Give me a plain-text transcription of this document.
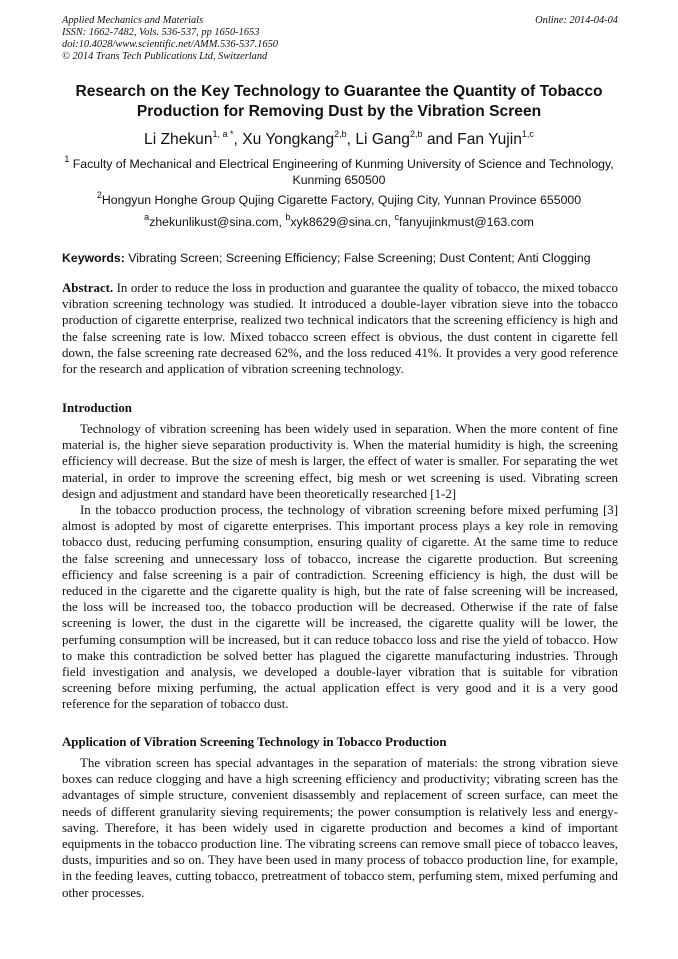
Applied Mechanics and Materials
ISSN: 1662-7482, Vols. 536-537, pp 1650-1653
doi:10.4028/www.scientific.net/AMM.536-537.1650
© 2014 Trans Tech Publications Ltd, Switzerland
Online: 2014-04-04
Research on the Key Technology to Guarantee the Quantity of Tobacco Production for Removing Dust by the Vibration Screen
Li Zhekun$^{1, a *}$, Xu Yongkang$^{2,b}$, Li Gang$^{2,b}$ and Fan Yujin$^{1,c}$
$^1$ Faculty of Mechanical and Electrical Engineering of Kunming University of Science and Technology, Kunming 650500
$^2$Hongyun Honghe Group Qujing Cigarette Factory, Qujing City, Yunnan Province 655000
$^a$zhekunlikust@sina.com, $^b$xyk8629@sina.cn, $^c$fanyujinkmust@163.com
Keywords: Vibrating Screen; Screening Efficiency; False Screening; Dust Content; Anti Clogging
Abstract. In order to reduce the loss in production and guarantee the quality of tobacco, the mixed tobacco vibration screening technology was studied. It introduced a double-layer vibration sieve into the tobacco production of cigarette enterprise, realized two technical indicators that the screening efficiency is high and the false screening rate is low. Mixed tobacco screen effect is obvious, the dust content in cigarette fell down, the false screening rate decreased 62%, and the loss reduced 41%. It provides a very good reference for the research and application of vibration screening technology.
Introduction
Technology of vibration screening has been widely used in separation. When the more content of fine material is, the higher sieve separation productivity is. When the material humidity is high, the screening efficiency will decrease. But the size of mesh is larger, the effect of water is smaller. For separating the wet material, in order to improve the screening effect, big mesh or wet screening is used. Vibrating screen design and adjustment and standard have been theoretically researched [1-2]
In the tobacco production process, the technology of vibration screening before mixed perfuming [3] almost is adopted by most of cigarette enterprises. This important process plays a key role in removing tobacco dust, reducing perfuming consumption, ensuring quality of cigarette. At the same time to reduce the false screening and unnecessary loss of tobacco, increase the cigarette production. But screening efficiency and false screening is a pair of contradiction. Screening efficiency is high, the dust will be reduced in the cigarette and the cigarette quality is high, but the rate of false screening will be increased, the loss will be increased too, the tobacco production will be decreased. Otherwise if the rate of false screening is lower, the dust in the cigarette will be increased, the cigarette quality will be lower, the perfuming consumption will be increased, but it can reduce tobacco loss and rise the yield of tobacco. How to make this contradiction be solved better has plagued the cigarette manufacturing industries. Through field investigation and analysis, we developed a double-layer vibration that is suitable for vibration screening before mixing perfuming, the actual application effect is very good and it is a very good reference for the separation of tobacco dust.
Application of Vibration Screening Technology in Tobacco Production
The vibration screen has special advantages in the separation of materials: the strong vibration sieve boxes can reduce clogging and have a high screening efficiency and productivity; vibrating screen has the advantages of simple structure, convenient disassembly and replacement of screen surface, can meet the needs of different granularity sieving requirements; the power consumption is relatively less and energy-saving. Therefore, it has been widely used in cigarette production and becomes a kind of important equipments in the tobacco production line. The vibrating screens can remove small piece of tobacco leaves, dusts, impurities and so on. They have been used in many process of tobacco production line, for example, in the feeding leaves, cutting tobacco, pretreatment of tobacco stem, perfuming stem, mixed perfuming and other processes.
